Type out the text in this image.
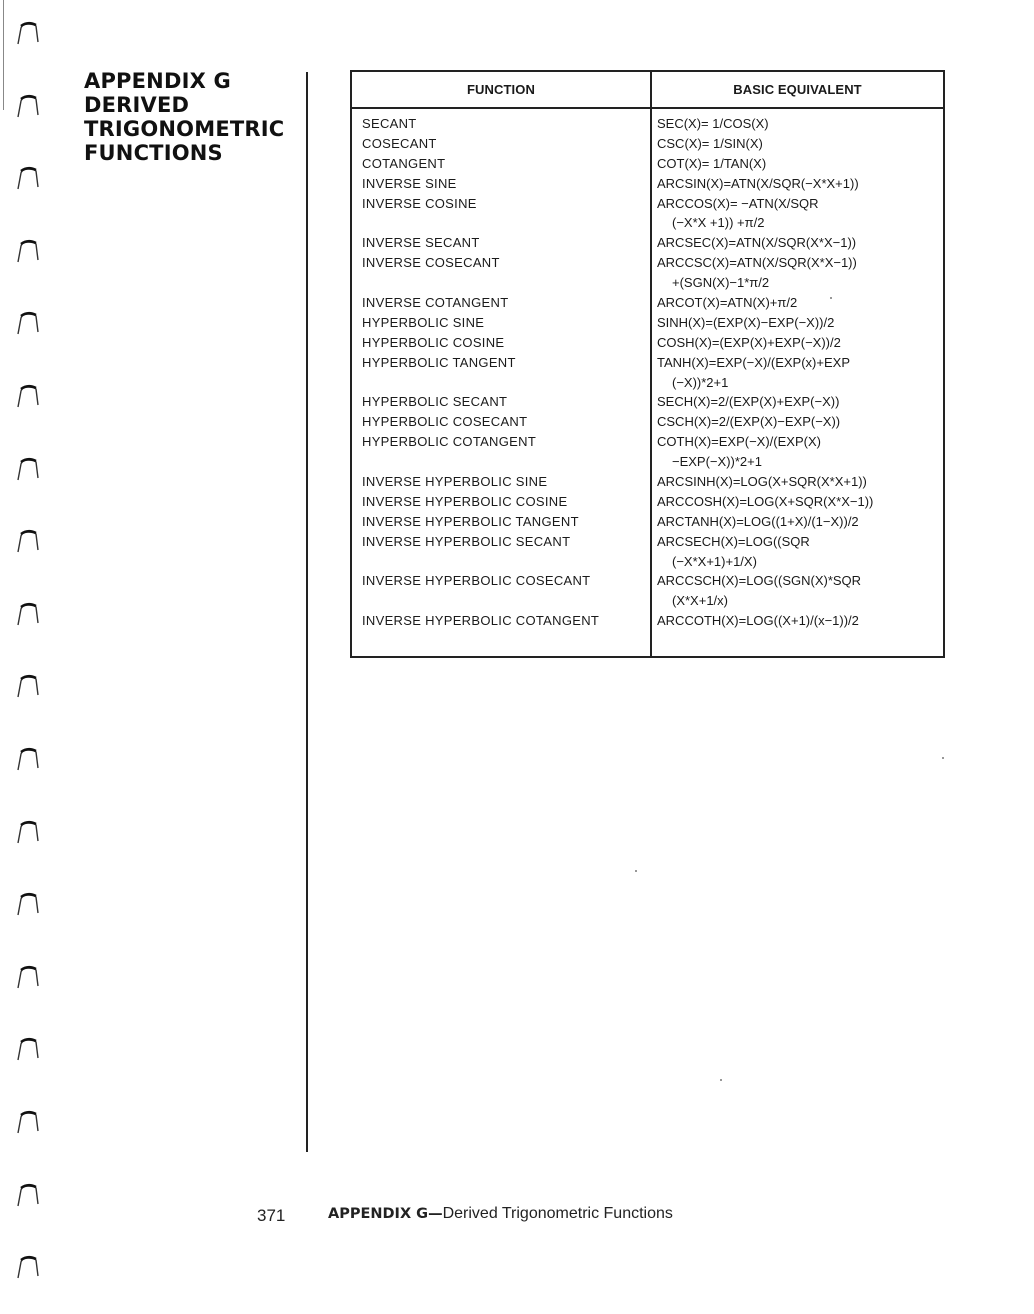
APPENDIX G
DERIVED
TRIGONOMETRIC
FUNCTIONS
FUNCTION	BASIC EQUIVALENT
SECANT	SEC(X)= 1/COS(X)
COSECANT	CSC(X)= 1/SIN(X)
COTANGENT	COT(X)= 1/TAN(X)
INVERSE SINE	ARCSIN(X)=ATN(X/SQR(−X*X+1))
INVERSE COSINE	ARCCOS(X)= −ATN(X/SQR
(−X*X +1)) +π/2
INVERSE SECANT	ARCSEC(X)=ATN(X/SQR(X*X−1))
INVERSE COSECANT	ARCCSC(X)=ATN(X/SQR(X*X−1))
+(SGN(X)−1*π/2
INVERSE COTANGENT	ARCOT(X)=ATN(X)+π/2
HYPERBOLIC SINE	SINH(X)=(EXP(X)−EXP(−X))/2
HYPERBOLIC COSINE	COSH(X)=(EXP(X)+EXP(−X))/2
HYPERBOLIC TANGENT	TANH(X)=EXP(−X)/(EXP(x)+EXP
(−X))*2+1
HYPERBOLIC SECANT	SECH(X)=2/(EXP(X)+EXP(−X))
HYPERBOLIC COSECANT	CSCH(X)=2/(EXP(X)−EXP(−X))
HYPERBOLIC COTANGENT	COTH(X)=EXP(−X)/(EXP(X)
−EXP(−X))*2+1
INVERSE HYPERBOLIC SINE	ARCSINH(X)=LOG(X+SQR(X*X+1))
INVERSE HYPERBOLIC COSINE	ARCCOSH(X)=LOG(X+SQR(X*X−1))
INVERSE HYPERBOLIC TANGENT	ARCTANH(X)=LOG((1+X)/(1−X))/2
INVERSE HYPERBOLIC SECANT	ARCSECH(X)=LOG((SQR
(−X*X+1)+1/X)
INVERSE HYPERBOLIC COSECANT	ARCCSCH(X)=LOG((SGN(X)*SQR
(X*X+1/x)
INVERSE HYPERBOLIC COTANGENT	ARCCOTH(X)=LOG((X+1)/(x−1))/2
371	APPENDIX G—Derived Trigonometric Functions
